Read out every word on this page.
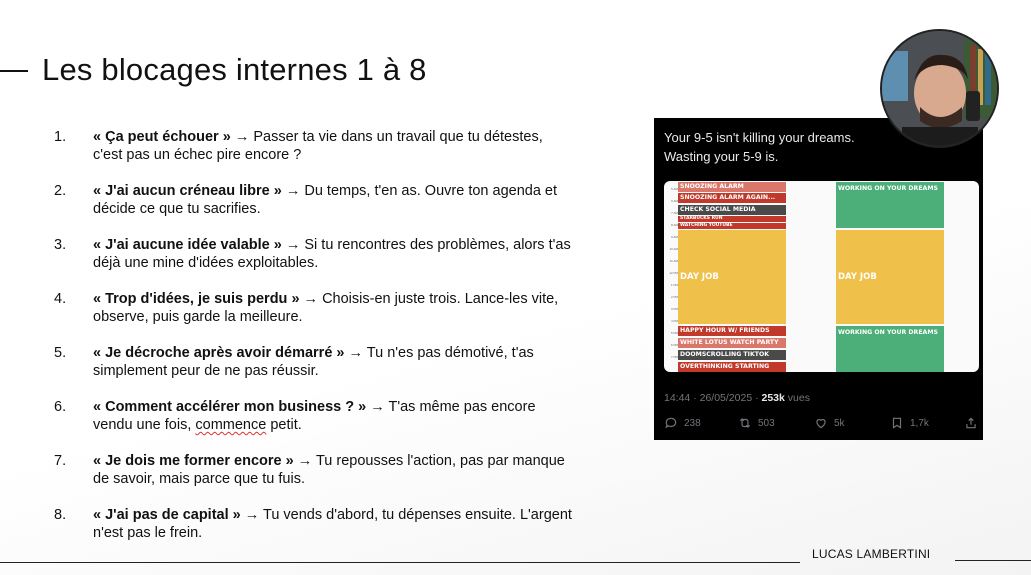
Les blocages internes 1 à 8
1.	« Ça peut échouer » → Passer ta vie dans un travail que tu détestes, c'est pas un échec pire encore ?
2.	« J'ai aucun créneau libre » → Du temps, t'en as. Ouvre ton agenda et décide ce que tu sacrifies.
3.	« J'ai aucune idée valable » → Si tu rencontres des problèmes, alors t'as déjà une mine d'idées exploitables.
4.	« Trop d'idées, je suis perdu » → Choisis-en juste trois. Lance-les vite, observe, puis garde la meilleure.
5.	« Je décroche après avoir démarré » → Tu n'es pas démotivé, t'as simplement peur de ne pas réussir.
6.	« Comment accélérer mon business ? » → T'as même pas encore vendu une fois, commence petit.
7.	« Je dois me former encore » → Tu repousses l'action, pas par manque de savoir, mais parce que tu fuis.
8.	« J'ai pas de capital » → Tu vends d'abord, tu dépenses ensuite. L'argent n'est pas le frein.
Your 9-5 isn't killing your dreams.
Wasting your 5-9 is.
5 AM
6 AM
7 AM
8 AM
9 AM
10 AM
11 AM
12 PM
1 PM
2 PM
3 PM
4 PM
5 PM
6 PM
7 PM
SNOOZING ALARM
SNOOZING ALARM AGAIN...
CHECK SOCIAL MEDIA
STARBUCKS RUN
WATCHING YOUTUBE
DAY JOB
HAPPY HOUR W/ FRIENDS
WHITE LOTUS WATCH PARTY
DOOMSCROLLING TIKTOK
OVERTHINKING STARTING
WORKING ON YOUR DREAMS
DAY JOB
WORKING ON YOUR DREAMS
14:44 · 26/05/2025 · 253k vues
238	503	5k	1,7k
LUCAS LAMBERTINI
